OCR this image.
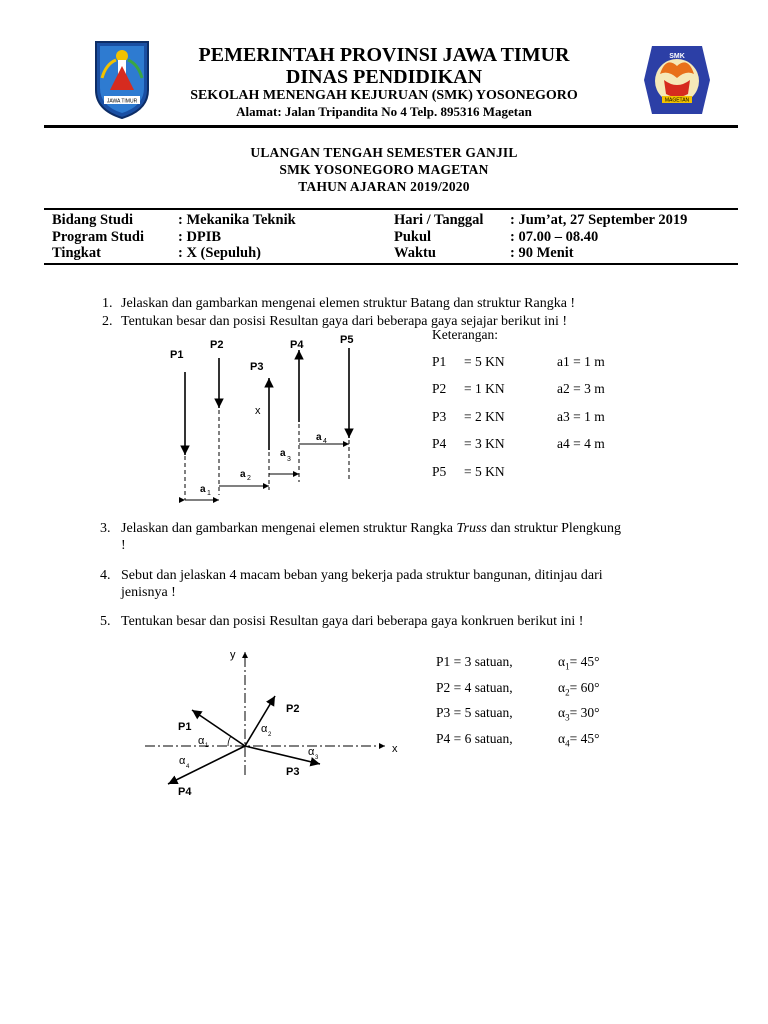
JAWA TIMUR
SMK
MAGETAN
PEMERINTAH PROVINSI JAWA TIMUR
DINAS PENDIDIKAN
SEKOLAH MENENGAH KEJURUAN (SMK) YOSONEGORO
Alamat: Jalan Tripandita No 4 Telp. 895316 Magetan
ULANGAN TENGAH SEMESTER GANJIL
SMK YOSONEGORO MAGETAN
TAHUN AJARAN 2019/2020
Bidang Studi	: Mekanika Teknik	Hari / Tanggal : Jum’at, 27 September 2019
Program Studi : DPIB	Pukul	: 07.00 – 08.40
Tingkat	: X (Sepuluh)	Waktu	: 90 Menit
1. Jelaskan dan gambarkan mengenai elemen struktur Batang dan struktur Rangka !
2. Tentukan besar dan posisi Resultan gaya dari beberapa gaya sejajar berikut ini !
P1
P2
P3
P4	P5
x
a 1
a 2
a
3
a 4
Keterangan:
P1 = 5 KN	a1 = 1 m
P2 = 1 KN	a2 = 3 m
P3 = 2 KN	a3 = 1 m
P4 = 3 KN	a4 = 4 m
P5 = 5 KN
3. Jelaskan dan gambarkan mengenai elemen struktur Rangka Truss dan struktur Plengkung
!
4. Sebut dan jelaskan 4 macam beban yang bekerja pada struktur bangunan, ditinjau dari
jenisnya !
5. Tentukan besar dan posisi Resultan gaya dari beberapa gaya konkruen berikut ini !
y
x
P1
P2
P3
P4
α 1
α 2
α 3
α 4
P1 = 3 satuan,	$\alpha_1= 45^\circ$
P2 = 4 satuan,	$\alpha_2= 60^\circ$
P3 = 5 satuan,	$\alpha_3= 30^\circ$
P4 = 6 satuan,	$\alpha_4= 45^\circ$
